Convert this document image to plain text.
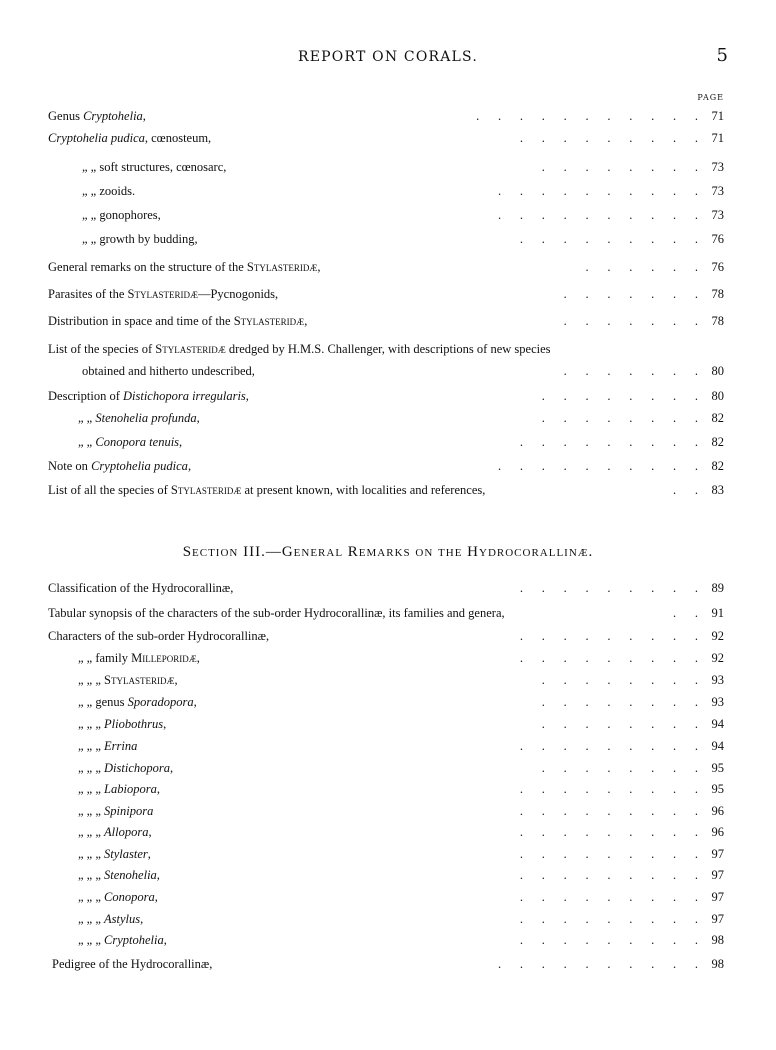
REPORT ON CORALS.	5
PAGE
Genus Cryptohelia,	.      .      .      .      .      .      .      .      .      .      .	71
Cryptohelia pudica, cœnosteum,	.      .      .      .      .      .      .      .      .	71
„ „ soft structures, cœnosarc,	.      .      .      .      .      .      .      .	73
„ „ zooids.	.      .      .      .      .      .      .      .      .      .	73
„ „ gonophores,	.      .      .      .      .      .      .      .      .      .	73
„ „ growth by budding,	.      .      .      .      .      .      .      .      .	76
General remarks on the structure of the Stylasteridæ,	.      .      .      .      .      .	76
Parasites of the Stylasteridæ—Pycnogonids,	.      .      .      .      .      .      .	78
Distribution in space and time of the Stylasteridæ,	.      .      .      .      .      .      .	78
List of the species of Stylasteridæ dredged by H.M.S. Challenger, with descriptions of new species
obtained and hitherto undescribed,	.      .      .      .      .      .      .	80
Description of Distichopora irregularis,	.      .      .      .      .      .      .      .	80
„ „ Stenohelia profunda,	.      .      .      .      .      .      .      .	82
„ „ Conopora tenuis,	.      .      .      .      .      .      .      .      .	82
Note on Cryptohelia pudica,	.      .      .      .      .      .      .      .      .      .	82
List of all the species of Stylasteridæ at present known, with localities and references,	.      .	83
Section III.—General Remarks on the Hydrocorallinæ.
Classification of the Hydrocorallinæ,	.      .      .      .      .      .      .      .      .	89
Tabular synopsis of the characters of the sub-order Hydrocorallinæ, its families and genera,	.      .	91
Characters of the sub-order Hydrocorallinæ,	.      .      .      .      .      .      .      .      .	92
„ „ family Milleporidæ,	.      .      .      .      .      .      .      .      .	92
„ „ „ Stylasteridæ,	.      .      .      .      .      .      .      .	93
„ „ genus Sporadopora,	.      .      .      .      .      .      .      .	93
„ „ „ Pliobothrus,	.      .      .      .      .      .      .      .	94
„ „ „ Errina	.      .      .      .      .      .      .      .      .	94
„ „ „ Distichopora,	.      .      .      .      .      .      .      .	95
„ „ „ Labiopora,	.      .      .      .      .      .      .      .      .	95
„ „ „ Spinipora	.      .      .      .      .      .      .      .      .	96
„ „ „ Allopora,	.      .      .      .      .      .      .      .      .	96
„ „ „ Stylaster,	.      .      .      .      .      .      .      .      .	97
„ „ „ Stenohelia,	.      .      .      .      .      .      .      .      .	97
„ „ „ Conopora,	.      .      .      .      .      .      .      .      .	97
„ „ „ Astylus,	.      .      .      .      .      .      .      .      .	97
„ „ „ Cryptohelia,	.      .      .      .      .      .      .      .      .	98
Pedigree of the Hydrocorallinæ,	.      .      .      .      .      .      .      .      .      .	98
